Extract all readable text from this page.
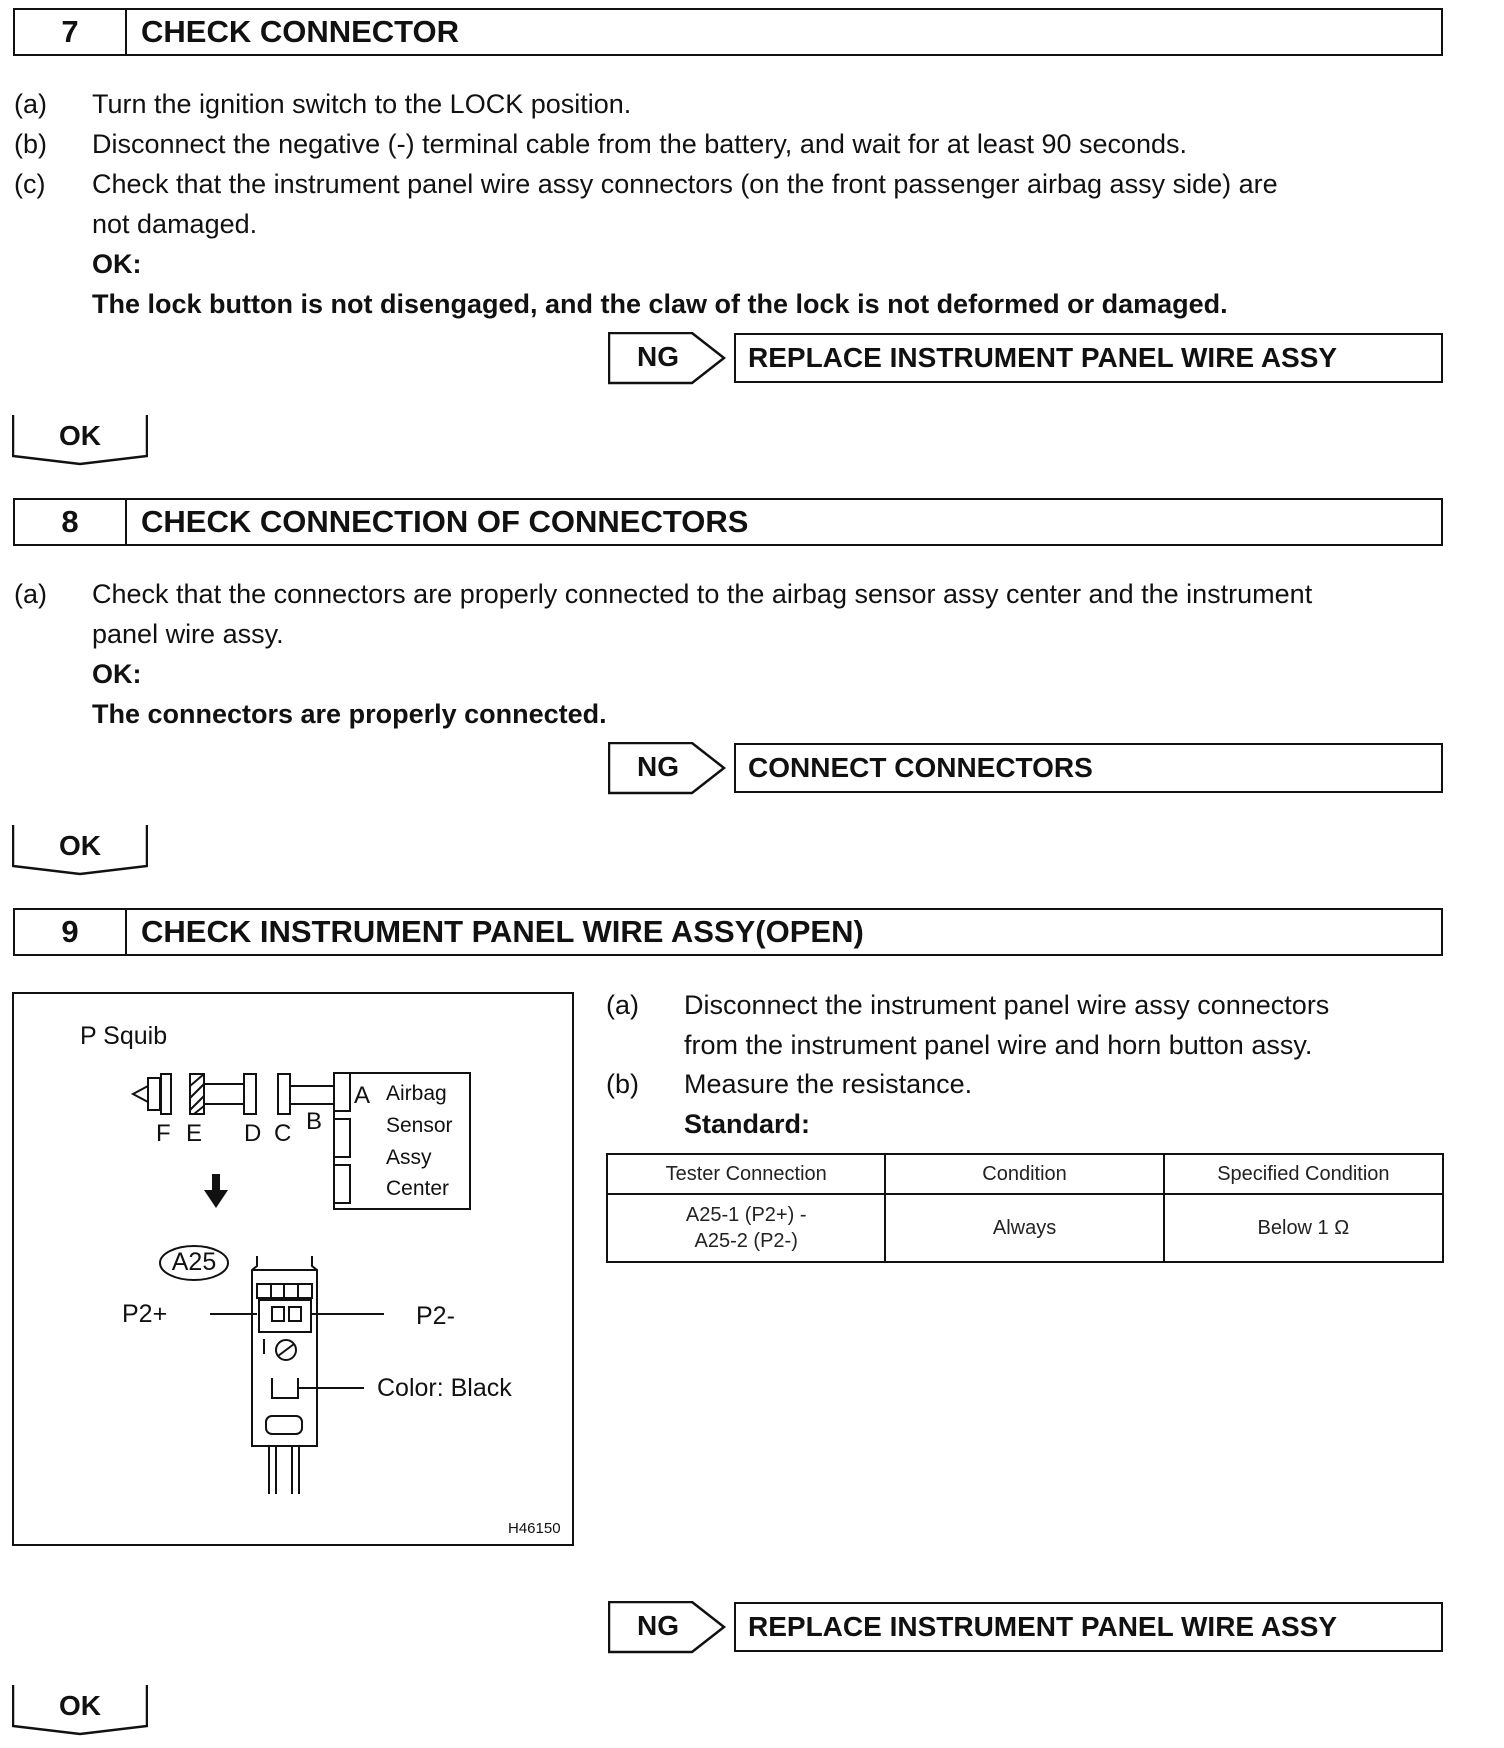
7	CHECK CONNECTOR
(a) Turn the ignition switch to the LOCK position.
(b) Disconnect the negative (-) terminal cable from the battery, and wait for at least 90 seconds.
(c) Check that the instrument panel wire assy connectors (on the front passenger airbag assy side) are
not damaged.
OK:
The lock button is not disengaged, and the claw of the lock is not deformed or damaged.
NG	REPLACE INSTRUMENT PANEL WIRE ASSY
OK
8	CHECK CONNECTION OF CONNECTORS
(a) Check that the connectors are properly connected to the airbag sensor assy center and the instrument
panel wire assy.
OK:
The connectors are properly connected.
NG	CONNECT CONNECTORS
OK
9	CHECK INSTRUMENT PANEL WIRE ASSY(OPEN)
P Squib
A
B
F E D C
Airbag
Sensor
Assy
Center
A25
P2+	P2-
Color: Black
H46150
(a) Disconnect the instrument panel wire assy connectors
from the instrument panel wire and horn button assy.
(b) Measure the resistance.
Standard:
Tester Connection	Condition	Specified Condition

A25-1 (P2+) -
A25-2 (P2-)	Always	Below 1 Ω
NG	REPLACE INSTRUMENT PANEL WIRE ASSY
OK
